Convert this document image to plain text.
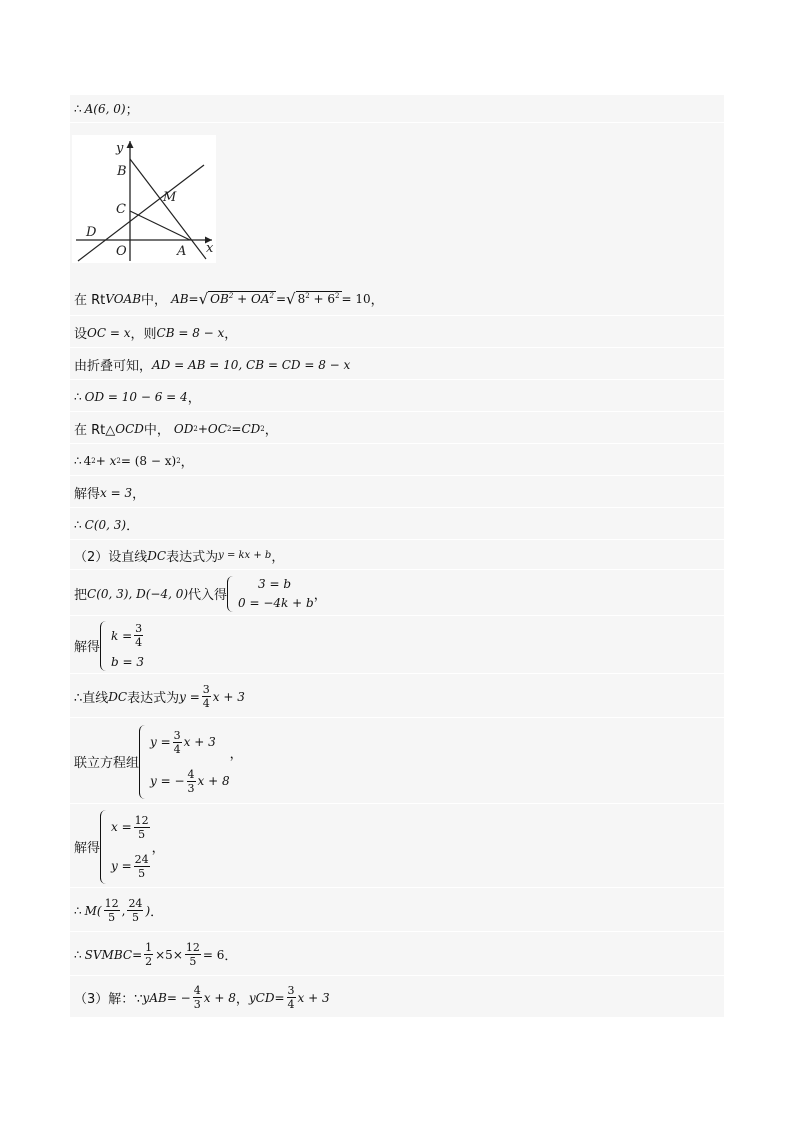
∴ A(6, 0) ；
y
x
B
M
C
D
O	A
在 Rt VOAB 中， AB = √ $OB^2 + OA^2$ = √ $8^2 + 6^2 = 10$ ，
设 OC = x ，则 CB = 8 − x ，
由折叠可知， AD = AB = 10, CB = CD = 8 − x
∴ OD = 10 − 6 = 4 ，
在 Rt△ OCD 中， OD 2 + OC 2 = CD 2 ，
∴ 4 2 + x 2 = (8 − x) 2 ，
解得 x = 3 ，
∴ C(0, 3) ．
（2）设直线 DC 表达式为 y = kx + b ，
把 C(0, 3), D(−4, 0) 代入得
3 = b
0 = −4k + b ，
解得
$k = \frac{3}{4}$
b = 3
∴直线 DC 表达式为 $y = \frac{3}{4}$ x + 3
联立方程组
$y = \frac{3}{4}$ x + 3
y = − $\frac{4}{3}$ x + 8
，
解得
$x = \frac{12}{5}$
$y = \frac{24}{5}$
，
∴ $M( \frac{12}{5}$ , $\frac{24}{5}$ ) ．
∴ S VMBC = $\frac{1}{2} \times 5\times \frac{12}{5} = 6$ ．
（3）解：∵ y AB = − $\frac{4}{3}$ x + 8 ， y CD = $\frac{3}{4}$ x + 3
